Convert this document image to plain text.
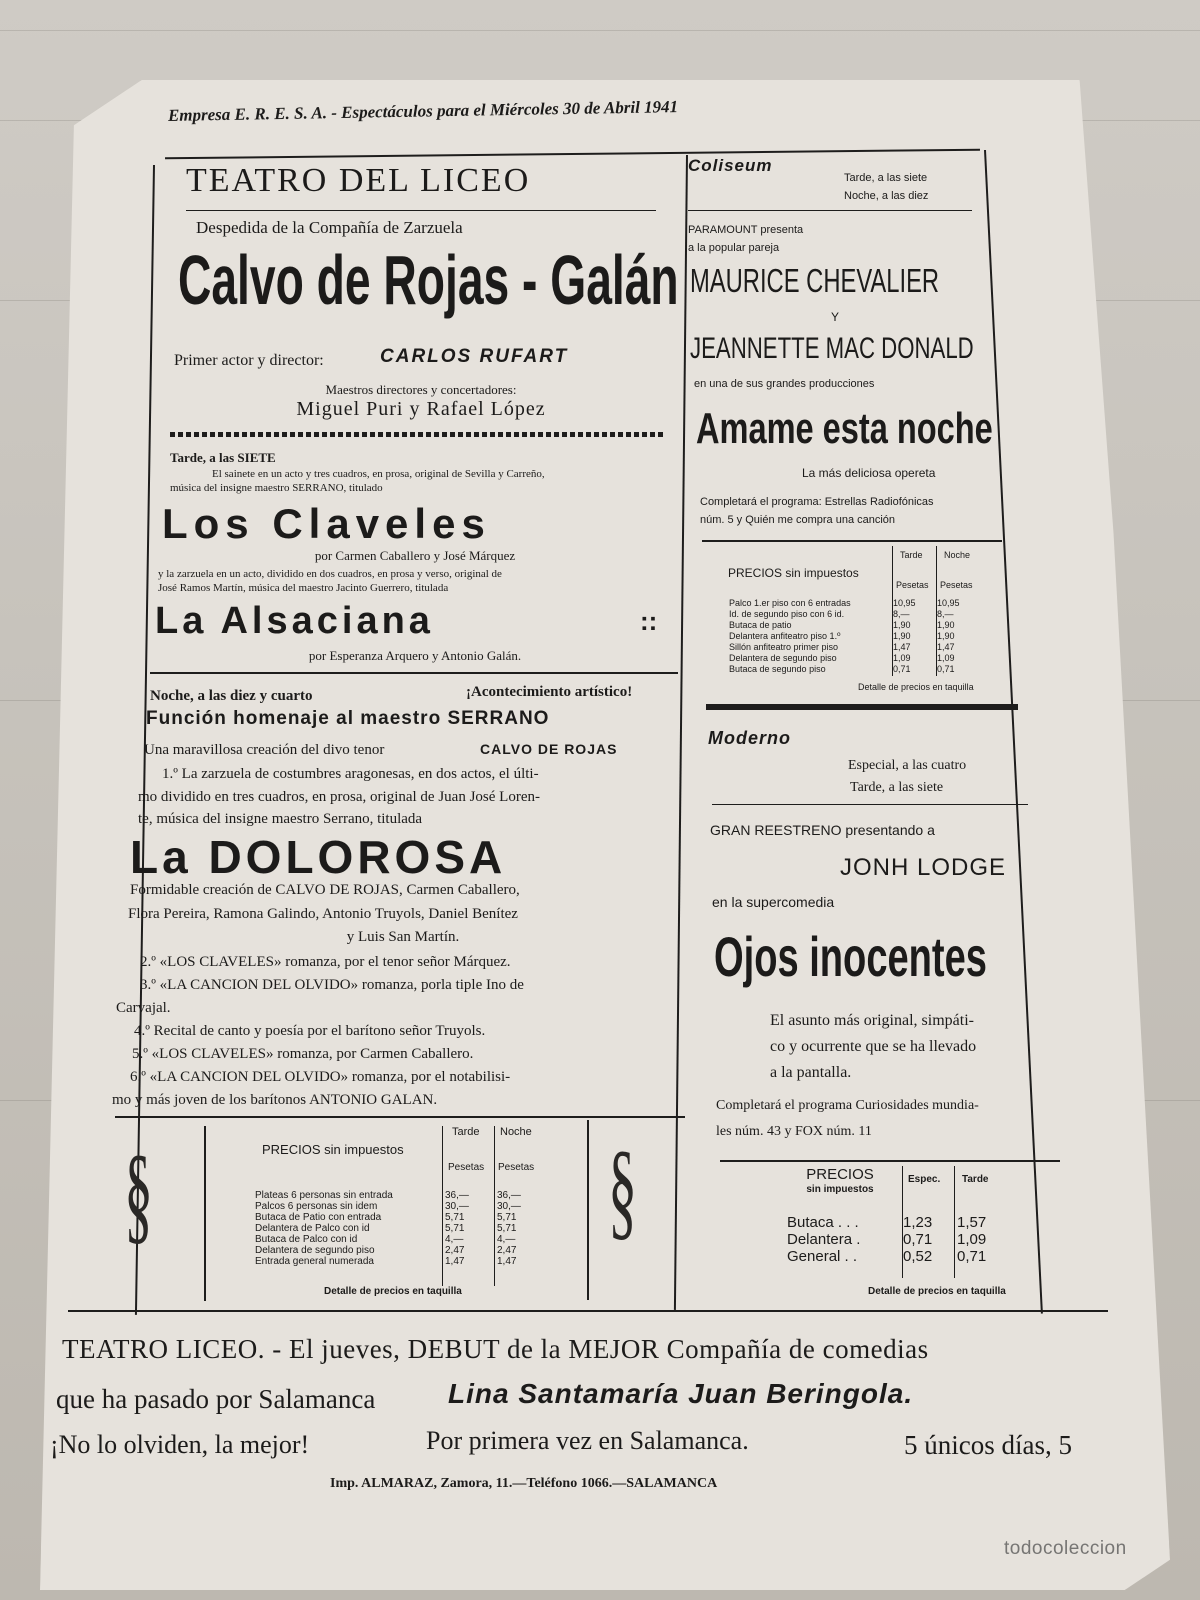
Empresa E. R. E. S. A. - Espectáculos para el Miércoles 30 de Abril 1941
TEATRO DEL LICEO
Despedida de la Compañía de Zarzuela
Calvo de Rojas - Galán
Primer actor y director:	CARLOS RUFART
Maestros directores y concertadores:
Miguel Puri y Rafael López
Tarde, a las SIETE
El sainete en un acto y tres cuadros, en prosa, original de Sevilla y Carreño,
música del insigne maestro SERRANO, titulado
Los Claveles
por Carmen Caballero y José Márquez
y la zarzuela en un acto, dividido en dos cuadros, en prosa y verso, original de
José Ramos Martín, música del maestro Jacinto Guerrero, titulada
La Alsaciana	::
por Esperanza Arquero y Antonio Galán.
Noche, a las diez y cuarto	¡Acontecimiento artístico!
Función homenaje al maestro SERRANO
Una maravillosa creación del divo tenor	CALVO DE ROJAS
1.º La zarzuela de costumbres aragonesas, en dos actos, el últi-
mo dividido en tres cuadros, en prosa, original de Juan José Loren-
te, música del insigne maestro Serrano, titulada
La DOLOROSA
Formidable creación de CALVO DE ROJAS, Carmen Caballero,
Flora Pereira, Ramona Galindo, Antonio Truyols, Daniel Benítez
y Luis San Martín.
2.º «LOS CLAVELES» romanza, por el tenor señor Márquez.
3.º «LA CANCION DEL OLVIDO» romanza, porla tiple Ino de
Carvajal.
4.º Recital de canto y poesía por el barítono señor Truyols.
5.º «LOS CLAVELES» romanza, por Carmen Caballero.
6.º «LA CANCION DEL OLVIDO» romanza, por el notabilisi-
mo y más joven de los barítonos ANTONIO GALAN.
§	§
PRECIOS sin impuestos
Tarde Noche
Pesetas Pesetas
Plateas 6 personas sin entrada	36,—	36,—
Palcos 6 personas sin idem	30,—	30,—
Butaca de Patio con entrada	5,71	5,71
Delantera de Palco con id	5,71	5,71
Butaca de Palco con id	4,—	4,—
Delantera de segundo piso	2,47	2,47
Entrada general numerada	1,47	1,47
Detalle de precios en taquilla
Coliseum
Tarde, a las siete
Noche, a las diez
PARAMOUNT presenta
a la popular pareja
MAURICE CHEVALIER
Y
JEANNETTE MAC DONALD
en una de sus grandes producciones
Amame esta noche
La más deliciosa opereta
Completará el programa: Estrellas Radiofónicas
núm. 5 y Quién me compra una canción
PRECIOS sin impuestos
Tarde Noche
Pesetas Pesetas
Palco 1.er piso con 6 entradas	10,95	10,95
Id. de segundo piso con 6 id.	8,—	8,—
Butaca de patio	1,90	1,90
Delantera anfiteatro piso 1.º	1,90	1,90
Sillón anfiteatro primer piso	1,47	1,47
Delantera de segundo piso	1,09	1,09
Butaca de segundo piso	0,71	0,71
Detalle de precios en taquilla
Moderno
Especial, a las cuatro
Tarde, a las siete
GRAN REESTRENO presentando a
JONH LODGE
en la supercomedia
Ojos inocentes
El asunto más original, simpáti-
co y ocurrente que se ha llevado
a la pantalla.
Completará el programa Curiosidades mundia-
les núm. 43 y FOX núm. 11
PRECIOS
sin impuestos
Espec. Tarde
Butaca . . .	1,23	1,57
Delantera .	0,71	1,09
General . .	0,52	0,71
Detalle de precios en taquilla
TEATRO LICEO. - El jueves, DEBUT de la MEJOR Compañía de comedias
que ha pasado por Salamanca	Lina Santamaría Juan Beringola.
¡No lo olviden, la mejor!	Por primera vez en Salamanca.	5 únicos días, 5
Imp. ALMARAZ, Zamora, 11.—Teléfono 1066.—SALAMANCA
todocoleccion
